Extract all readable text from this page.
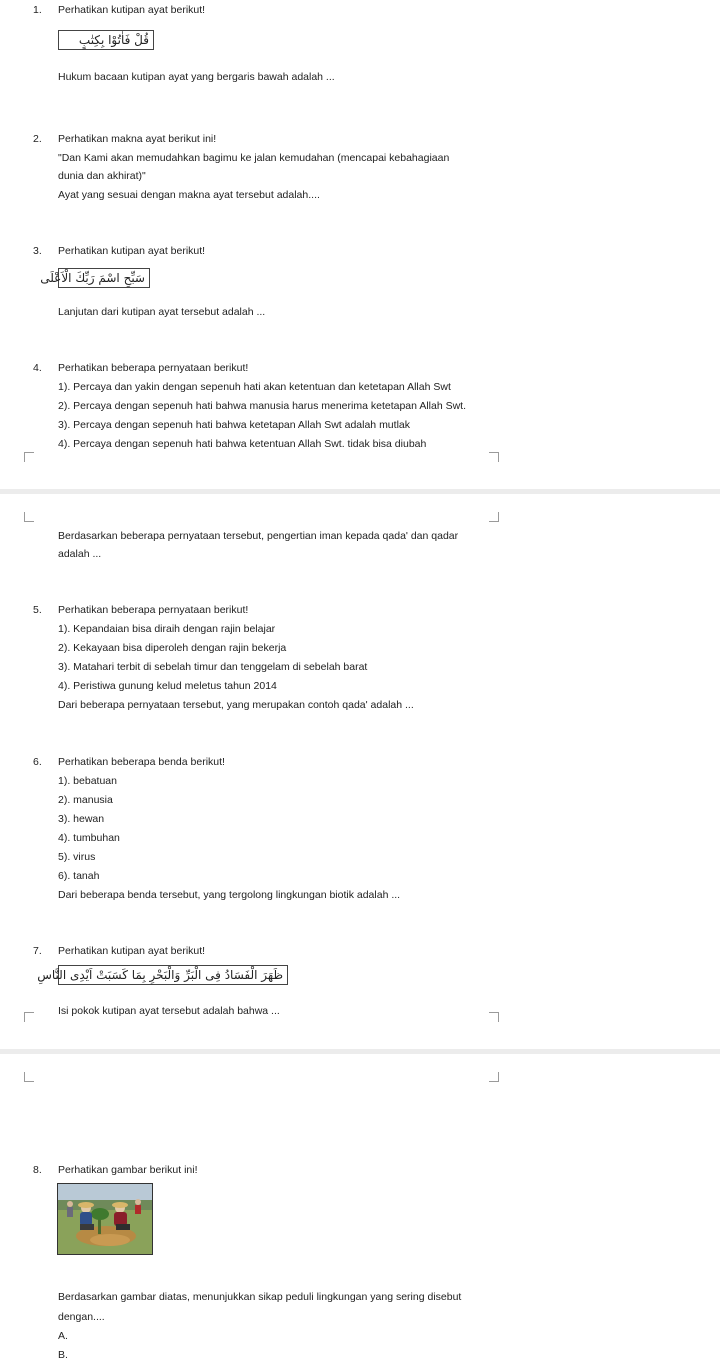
1. Perhatikan kutipan ayat berikut!
قُلْ فَاٰتُوْا بِكِتٰبٍ
Hukum bacaan kutipan ayat yang bergaris bawah adalah ...
2. Perhatikan makna ayat berikut ini!
"Dan Kami akan memudahkan bagimu ke jalan kemudahan (mencapai kebahagiaan
dunia dan akhirat)"
Ayat yang sesuai dengan makna ayat tersebut adalah....
3. Perhatikan kutipan ayat berikut!
سَبِّحِ اسْمَ رَبِّكَ الْاَعْلَى
Lanjutan dari kutipan ayat tersebut adalah ...
4. Perhatikan beberapa pernyataan berikut!
1). Percaya dan yakin dengan sepenuh hati akan ketentuan dan ketetapan Allah Swt
2). Percaya dengan sepenuh hati bahwa manusia harus menerima ketetapan Allah Swt.
3). Percaya dengan sepenuh hati bahwa ketetapan Allah Swt adalah mutlak
4). Percaya dengan sepenuh hati bahwa ketentuan Allah Swt. tidak bisa diubah
Berdasarkan beberapa pernyataan tersebut, pengertian iman kepada qada' dan qadar
adalah ...
5. Perhatikan beberapa pernyataan berikut!
1). Kepandaian bisa diraih dengan rajin belajar
2). Kekayaan bisa diperoleh dengan rajin bekerja
3). Matahari terbit di sebelah timur dan tenggelam di sebelah barat
4). Peristiwa gunung kelud meletus tahun 2014
Dari beberapa pernyataan tersebut, yang merupakan contoh qada' adalah ...
6. Perhatikan beberapa benda berikut!
1). bebatuan
2). manusia
3). hewan
4). tumbuhan
5). virus
6). tanah
Dari beberapa benda tersebut, yang tergolong lingkungan biotik adalah ...
7. Perhatikan kutipan ayat berikut!
ظَهَرَ الْفَسَادُ فِى الْبَرِّ وَالْبَحْرِ بِمَا كَسَبَتْ اَيْدِى النَّاسِ
Isi pokok kutipan ayat tersebut adalah bahwa ...
8. Perhatikan gambar berikut ini!
Berdasarkan gambar diatas, menunjukkan sikap peduli lingkungan yang sering disebut
dengan....
A.
B.
